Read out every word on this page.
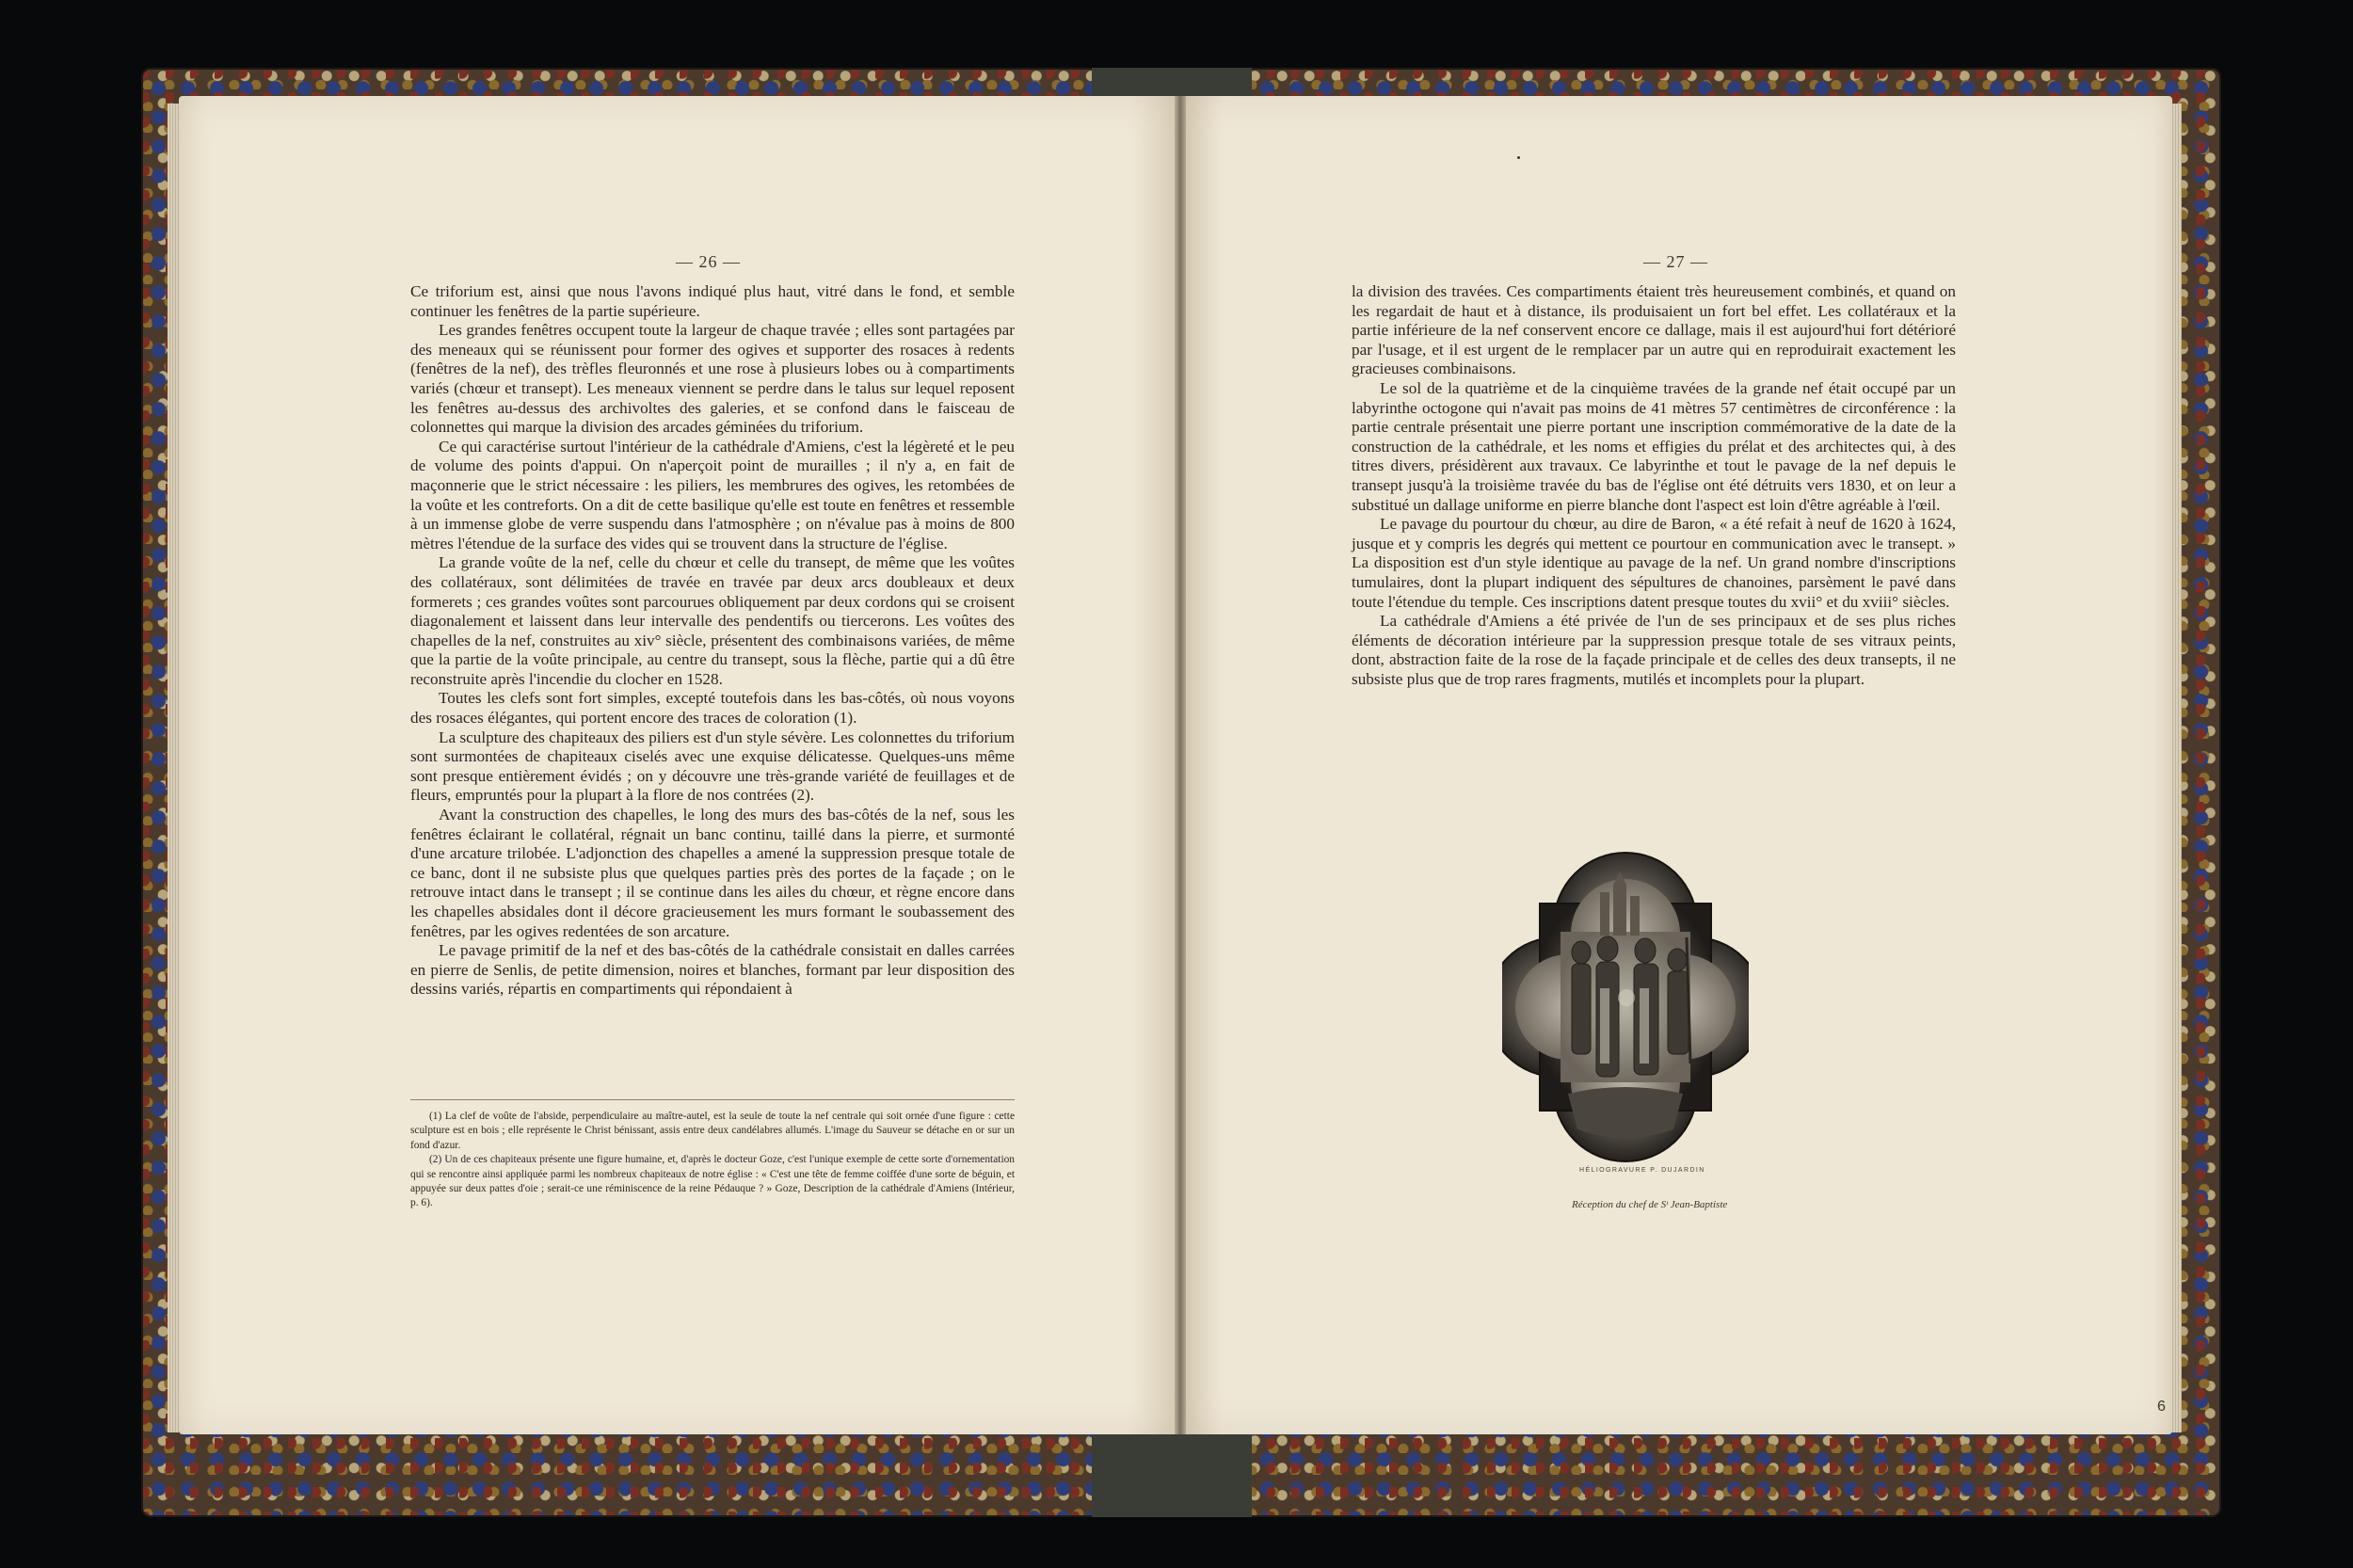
— 26 —	— 27 —

Ce triforium est, ainsi que nous l'avons indiqué plus haut, vitré dans le fond, et semble continuer les fenêtres de la partie supérieure.

Les grandes fenêtres occupent toute la largeur de chaque travée ; elles sont partagées par des meneaux qui se réunissent pour former des ogives et supporter des rosaces à redents (fenêtres de la nef), des trèfles fleuronnés et une rose à plusieurs lobes ou à compartiments variés (chœur et transept). Les meneaux viennent se perdre dans le talus sur lequel reposent les fenêtres au-dessus des archivoltes des galeries, et se confond dans le faisceau de colonnettes qui marque la division des arcades géminées du triforium.

Ce qui caractérise surtout l'intérieur de la cathédrale d'Amiens, c'est la légèreté et le peu de volume des points d'appui. On n'aperçoit point de murailles ; il n'y a, en fait de maçonnerie que le strict nécessaire : les piliers, les membrures des ogives, les retombées de la voûte et les contreforts. On a dit de cette basilique qu'elle est toute en fenêtres et ressemble à un immense globe de verre suspendu dans l'atmosphère ; on n'évalue pas à moins de 800 mètres l'étendue de la surface des vides qui se trouvent dans la structure de l'église.

La grande voûte de la nef, celle du chœur et celle du transept, de même que les voûtes des collatéraux, sont délimitées de travée en travée par deux arcs doubleaux et deux formerets ; ces grandes voûtes sont parcourues obliquement par deux cordons qui se croisent diagonalement et laissent dans leur intervalle des pendentifs ou tiercerons. Les voûtes des chapelles de la nef, construites au xiv° siècle, présentent des combinaisons variées, de même que la partie de la voûte principale, au centre du transept, sous la flèche, partie qui a dû être reconstruite après l'incendie du clocher en 1528.

Toutes les clefs sont fort simples, excepté toutefois dans les bas-côtés, où nous voyons des rosaces élégantes, qui portent encore des traces de coloration (1).

La sculpture des chapiteaux des piliers est d'un style sévère. Les colonnettes du triforium sont surmontées de chapiteaux ciselés avec une exquise délicatesse. Quelques-uns même sont presque entièrement évidés ; on y découvre une très-grande variété de feuillages et de fleurs, empruntés pour la plupart à la flore de nos contrées (2).

Avant la construction des chapelles, le long des murs des bas-côtés de la nef, sous les fenêtres éclairant le collatéral, régnait un banc continu, taillé dans la pierre, et surmonté d'une arcature trilobée. L'adjonction des chapelles a amené la suppression presque totale de ce banc, dont il ne subsiste plus que quelques parties près des portes de la façade ; on le retrouve intact dans le transept ; il se continue dans les ailes du chœur, et règne encore dans les chapelles absidales dont il décore gracieusement les murs formant le soubassement des fenêtres, par les ogives redentées de son arcature.

Le pavage primitif de la nef et des bas-côtés de la cathédrale consistait en dalles carrées en pierre de Senlis, de petite dimension, noires et blanches, formant par leur disposition des dessins variés, répartis en compartiments qui répondaient à

(1) La clef de voûte de l'abside, perpendiculaire au maître-autel, est la seule de toute la nef centrale qui soit ornée d'une figure : cette sculpture est en bois ; elle représente le Christ bénissant, assis entre deux candélabres allumés. L'image du Sauveur se détache en or sur un fond d'azur.

(2) Un de ces chapiteaux présente une figure humaine, et, d'après le docteur Goze, c'est l'unique exemple de cette sorte d'ornementation qui se rencontre ainsi appliquée parmi les nombreux chapiteaux de notre église : « C'est une tête de femme coiffée d'une sorte de béguin, et appuyée sur deux pattes d'oie ; serait-ce une réminiscence de la reine Pédauque ? » Goze, Description de la cathédrale d'Amiens (Intérieur, p. 6).

la division des travées. Ces compartiments étaient très heureusement combinés, et quand on les regardait de haut et à distance, ils produisaient un fort bel effet. Les collatéraux et la partie inférieure de la nef conservent encore ce dallage, mais il est aujourd'hui fort détérioré par l'usage, et il est urgent de le remplacer par un autre qui en reproduirait exactement les gracieuses combinaisons.

Le sol de la quatrième et de la cinquième travées de la grande nef était occupé par un labyrinthe octogone qui n'avait pas moins de 41 mètres 57 centimètres de circonférence : la partie centrale présentait une pierre portant une inscription commémorative de la date de la construction de la cathédrale, et les noms et effigies du prélat et des architectes qui, à des titres divers, présidèrent aux travaux. Ce labyrinthe et tout le pavage de la nef depuis le transept jusqu'à la troisième travée du bas de l'église ont été détruits vers 1830, et on leur a substitué un dallage uniforme en pierre blanche dont l'aspect est loin d'être agréable à l'œil.

Le pavage du pourtour du chœur, au dire de Baron, « a été refait à neuf de 1620 à 1624, jusque et y compris les degrés qui mettent ce pourtour en communication avec le transept. » La disposition est d'un style identique au pavage de la nef. Un grand nombre d'inscriptions tumulaires, dont la plupart indiquent des sépultures de chanoines, parsèment le pavé dans toute l'étendue du temple. Ces inscriptions datent presque toutes du xvii° et du xviii° siècles.

La cathédrale d'Amiens a été privée de l'un de ses principaux et de ses plus riches éléments de décoration intérieure par la suppression presque totale de ses vitraux peints, dont, abstraction faite de la rose de la façade principale et de celles des deux transepts, il ne subsiste plus que de trop rares fragments, mutilés et incomplets pour la plupart.

HÉLIOGRAVURE P. DUJARDIN
Réception du chef de Sᵗ Jean-Baptiste
6
